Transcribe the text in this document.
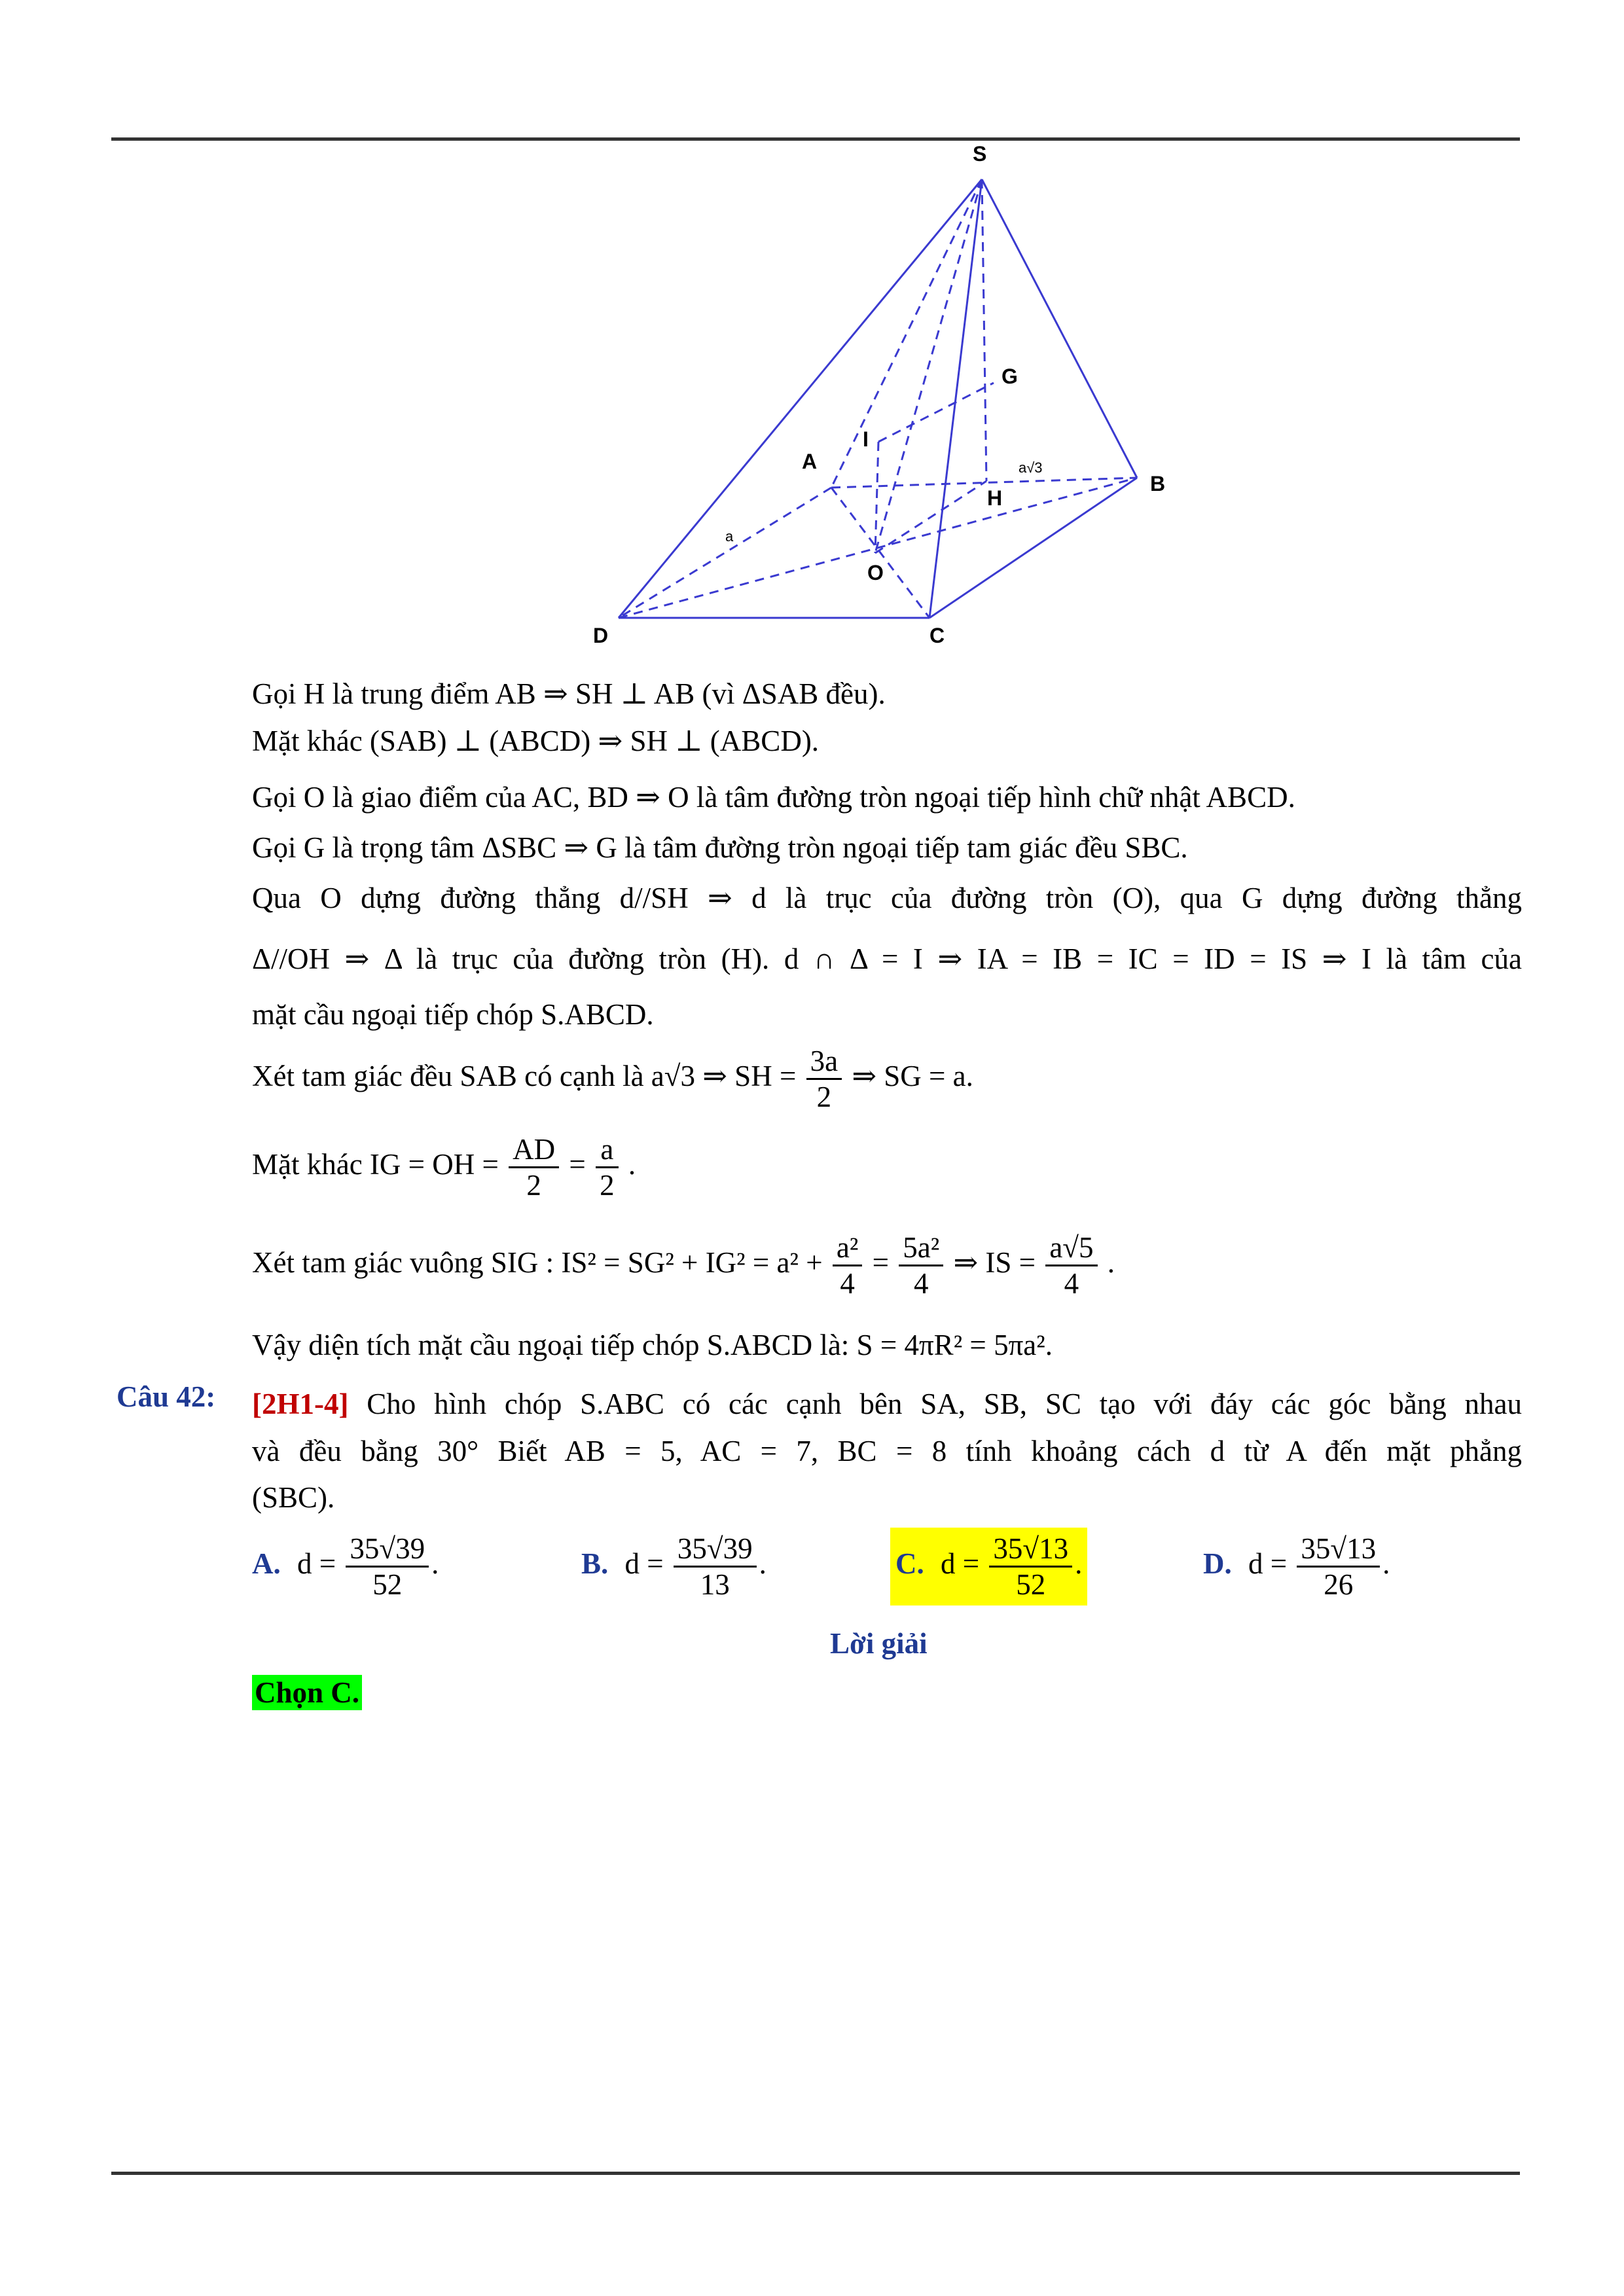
S
G
I
A
B
H
O
D	C
a√3
a
Gọi H là trung điểm AB ⇒ SH ⊥ AB (vì ΔSAB đều).
Mặt khác (SAB) ⊥ (ABCD) ⇒ SH ⊥ (ABCD).
Gọi O là giao điểm của AC, BD ⇒ O là tâm đường tròn ngoại tiếp hình chữ nhật ABCD.
Gọi G là trọng tâm ΔSBC ⇒ G là tâm đường tròn ngoại tiếp tam giác đều SBC.
Qua O dựng đường thẳng d//SH ⇒ d là trục của đường tròn (O), qua G dựng đường thẳng
Δ//OH ⇒ Δ là trục của đường tròn (H). d ∩ Δ = I ⇒ IA = IB = IC = ID = IS ⇒ I là tâm của
mặt cầu ngoại tiếp chóp S.ABCD.
Xét tam giác đều SAB có cạnh là a√3 ⇒ SH = $\frac{3a}{2}$ ⇒ SG = a.
Mặt khác IG = OH = $\frac{AD}{2} = \frac{a}{2}$ .
Xét tam giác vuông SIG : $IS^2 = SG^2 + IG^2 = a^2 + \frac{\text{a²}}{4} = \frac{\text{5a²}}{4}$ ⇒ IS = $\frac{a√5}{4}$ .
Vậy diện tích mặt cầu ngoại tiếp chóp S.ABCD là: S = 4πR² = 5πa².
Câu 42: [2H1-4] Cho hình chóp S.ABC có các cạnh bên SA, SB, SC tạo với đáy các góc bằng nhau
và đều bằng 30° Biết AB = 5, AC = 7, BC = 8 tính khoảng cách d từ A đến mặt phẳng
(SBC).
A. $d = \frac{35√39}{52}$ .	B. $d = \frac{35√39}{13}$ .	C. $d = \frac{35√13}{52}$ .	D. $d = \frac{35√13}{26}$ .
Lời giải
Chọn C.
